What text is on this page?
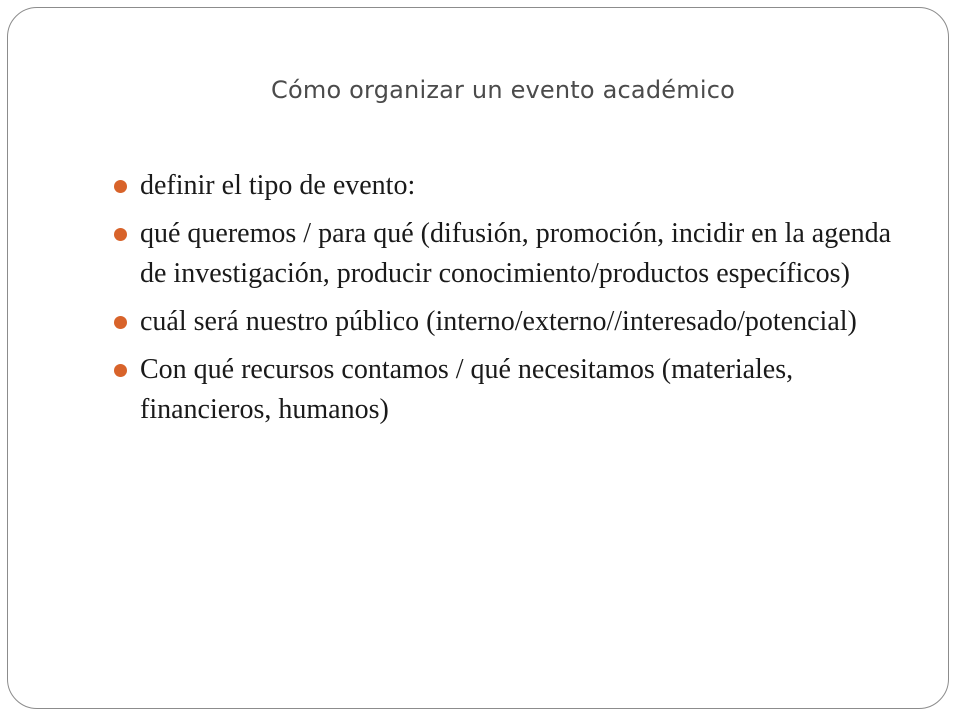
Cómo organizar un evento académico
definir el tipo de evento:
qué queremos / para qué (difusión, promoción, incidir en la agenda de investigación, producir conocimiento/productos específicos)
cuál será nuestro público (interno/externo//interesado/potencial)
Con qué recursos contamos / qué necesitamos (materiales, financieros, humanos)
